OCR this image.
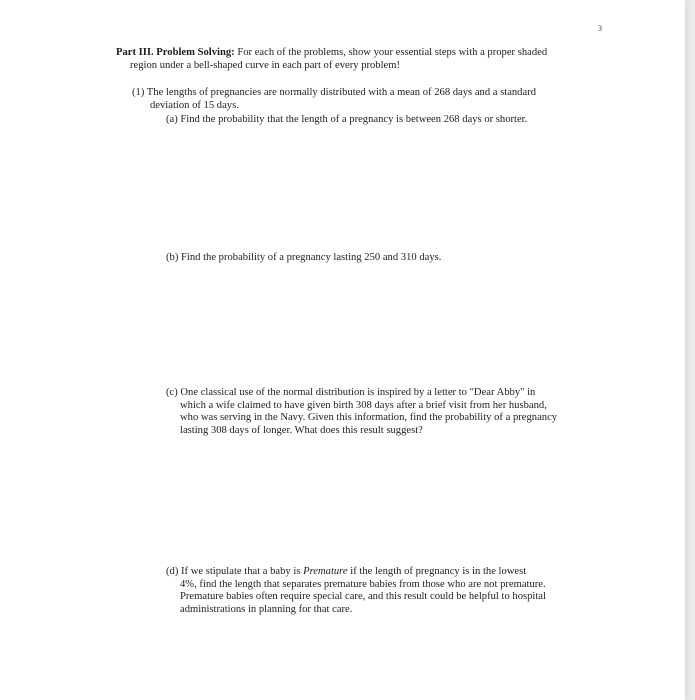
3

Part III. Problem Solving: For each of the problems, show your essential steps with a proper shaded

region under a bell-shaped curve in each part of every problem!

(1) The lengths of pregnancies are normally distributed with a mean of 268 days and a standard

deviation of 15 days.

(a) Find the probability that the length of a pregnancy is between 268 days or shorter.

(b) Find the probability of a pregnancy lasting 250 and 310 days.

(c) One classical use of the normal distribution is inspired by a letter to "Dear Abby" in

which a wife claimed to have given birth 308 days after a brief visit from her husband,

who was serving in the Navy. Given this information, find the probability of a pregnancy

lasting 308 days of longer. What does this result suggest?

(d) If we stipulate that a baby is Premature if the length of pregnancy is in the lowest

4%, find the length that separates premature babies from those who are not premature.

Premature babies often require special care, and this result could be helpful to hospital

administrations in planning for that care.
